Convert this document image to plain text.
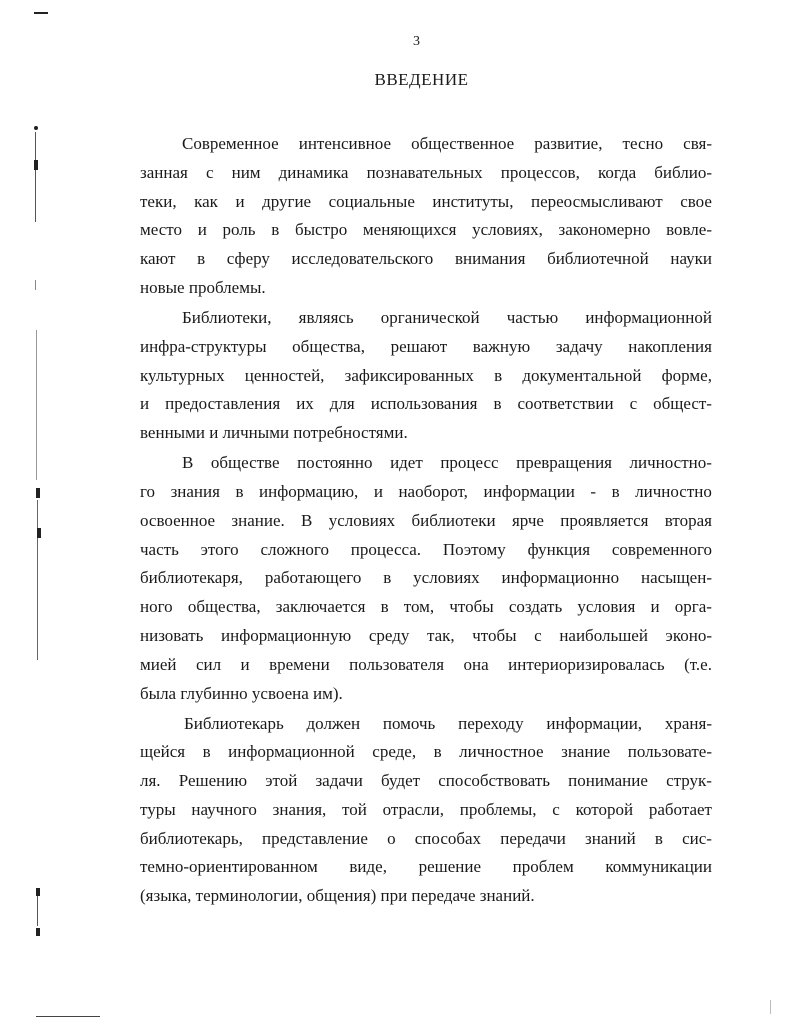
3
ВВЕДЕНИЕ
Современное интенсивное общественное развитие, тесно свя-
занная с ним динамика познавательных процессов, когда библио-
теки, как и другие социальные институты, переосмысливают свое
место и роль в быстро меняющихся условиях, закономерно вовле-
кают в сферу исследовательского внимания библиотечной науки
новые проблемы.
Библиотеки, являясь органической частью информационной
инфра-структуры общества, решают важную задачу накопления
культурных ценностей, зафиксированных в документальной форме,
и предоставления их для использования в соответствии с общест-
венными и личными потребностями.
В обществе постоянно идет процесс превращения личностно-
го знания в информацию, и наоборот, информации - в личностно
освоенное знание. В условиях библиотеки ярче проявляется вторая
часть этого сложного процесса. Поэтому функция современного
библиотекаря, работающего в условиях информационно насыщен-
ного общества, заключается в том, чтобы создать условия и орга-
низовать информационную среду так, чтобы с наибольшей эконо-
мией сил и времени пользователя она интериоризировалась (т.е.
была глубинно усвоена им).
Библиотекарь должен помочь переходу информации, храня-
щейся в информационной среде, в личностное знание пользовате-
ля. Решению этой задачи будет способствовать понимание струк-
туры научного знания, той отрасли, проблемы, с которой работает
библиотекарь, представление о способах передачи знаний в сис-
темно-ориентированном виде, решение проблем коммуникации
(языка, терминологии, общения) при передаче знаний.
